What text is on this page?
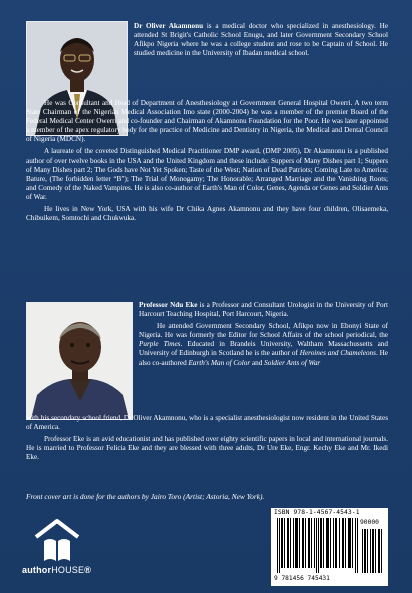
Dr Oliver Akamnonu is a medical doctor who specialized in anesthesiology. He attended St Brigit's Catholic School Enugu, and later Government Secondary School Afikpo Nigeria where he was a college student and rose to be Captain of School. He studied medicine in the University of Ibadan medical school.

He was Consultant and Head of Department of Anesthesiology at Government General Hospital Owerri. A two term State Chairman of the Nigerian Medical Association Imo state (2000-2004) he was a member of the premier Board of the Federal Medical Center Owerri and co-founder and Chairman of Akamnonu Foundation for the Poor. He was later appointed a member of the apex regulatory body for the practice of Medicine and Dentistry in Nigeria, the Medical and Dental Council of Nigeria (MDCN).

A laureate of the coveted Distinguished Medical Practitioner DMP award, (DMP 2005), Dr Akamnonu is a published author of over twelve books in the USA and the United Kingdom and these include: Suppers of Many Dishes part 1; Suppers of Many Dishes part 2; The Gods have Not Yet Spoken; Taste of the West; Nation of Dead Patriots; Coming Late to America; Bature, (The forbidden letter “B”); The Trial of Monogamy; The Honorable; Arranged Marriage and the Vanishing Roots; and Comedy of the Naked Vampires. He is also co-author of Earth's Man of Color, Genes, Agenda or Genes and Soldier Ants of War.

He lives in New York, USA with his wife Dr Chika Agnes Akamnonu and they have four children, Olisaemeka, Chibuikem, Somtochi and Chukwuka.

Professor Ndu Eke is a Professor and Consultant Urologist in the University of Port Harcourt Teaching Hospital, Port Harcourt, Nigeria.

He attended Government Secondary School, Afikpo now in Ebonyi State of Nigeria. He was formerly the Editor for School Affairs of the school periodical, the Purple Times. Educated in Brandeis University, Waltham Massachussetts and University of Edinburgh in Scotland he is the author of Heroines and Chameleons. He also co-authored Earth's Man of Color and Soldier Ants of War

with his secondary school friend, Dr Oliver Akamnonu, who is a specialist anesthesiologist now resident in the United States of America.

Professor Eke is an avid educationist and has published over eighty scientific papers in local and international journals. He is married to Professor Felicia Eke and they are blessed with three adults, Dr Ure Eke, Engr. Kechy Eke and Mr. Ikedi Eke.

Front cover art is done for the authors by Jairo Toro (Artist; Astoria, New York).
authorHOUSE®
ISBN 978-1-4567-4543-1
90000
9 781456 745431
